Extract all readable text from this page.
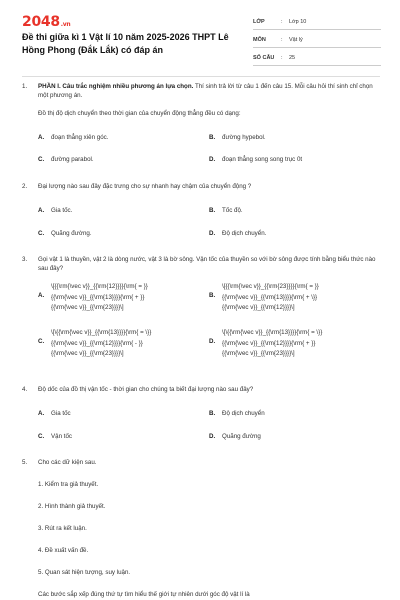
2048.vn
Đề thi giữa kì 1 Vật lí 10 năm 2025-2026 THPT Lê Hồng Phong (Đắk Lắk) có đáp án
LỚP	:	Lớp 10
MÔN	:	Vật lý
SỐ CÂU	:	25
1.	PHẦN I. Câu trắc nghiệm nhiều phương án lựa chọn. Thí sinh trả lời từ câu 1 đến câu 15. Mỗi câu hỏi thí sinh chỉ chọn một phương án.
Đồ thị độ dịch chuyển theo thời gian của chuyển động thẳng đều có dạng:
A. đoạn thẳng xiên góc.	B. đường hypebol.
C. đường parabol.	D. đoạn thẳng song song trục 0t
2.	Đại lượng nào sau đây đặc trưng cho sự nhanh hay chậm của chuyển động ?
A. Gia tốc.	B. Tốc độ.
C. Quãng đường.	D. Độ dịch chuyển.
3.	Gọi vật 1 là thuyền, vật 2 là dòng nước, vật 3 là bờ sông. Vận tốc của thuyền so với bờ sông được tính bằng biểu thức nào sau đây?
A.
\[{{\rm{\vec v}}_{{\rm{12}}}}{\rm{ = }}
{{\rm{\vec v}}_{{\rm{13}}}}{\rm{ + }}
{{\rm{\vec v}}_{{\rm{23}}}}\]
B.
\[{{\rm{\vec v}}_{{\rm{23}}}}{\rm{ = }}
{{\rm{\vec v}}_{{\rm{13}}}}{\rm{ + \}}
{{\rm{\vec v}}_{{\rm{12}}}}\]
C.
\[\{{\rm{\vec v}}_{{\rm{13}}}}{\rm{ = \}}
{{\rm{\vec v}}_{{\rm{12}}}}{\rm{ - }}
{{\rm{\vec v}}_{{\rm{23}}}}\]
D.
\[\{{\rm{\vec v}}_{{\rm{13}}}}{\rm{ = \}}
{{\rm{\vec v}}_{{\rm{12}}}}{\rm{ + }}
{{\rm{\vec v}}_{{\rm{23}}}}\]
4.	Độ dốc của đồ thị vận tốc - thời gian cho chúng ta biết đại lượng nào sau đây?
A. Gia tốc	B. Độ dịch chuyển
C. Vận tốc	D. Quãng đường
5.	Cho các dữ kiện sau.
1. Kiểm tra giả thuyết.
2. Hình thành giả thuyết.
3. Rút ra kết luận.
4. Đề xuất vấn đề.
5. Quan sát hiện tượng, suy luận.
Các bước sắp xếp đúng thứ tự tìm hiểu thế giới tự nhiên dưới góc độ vật lí là
